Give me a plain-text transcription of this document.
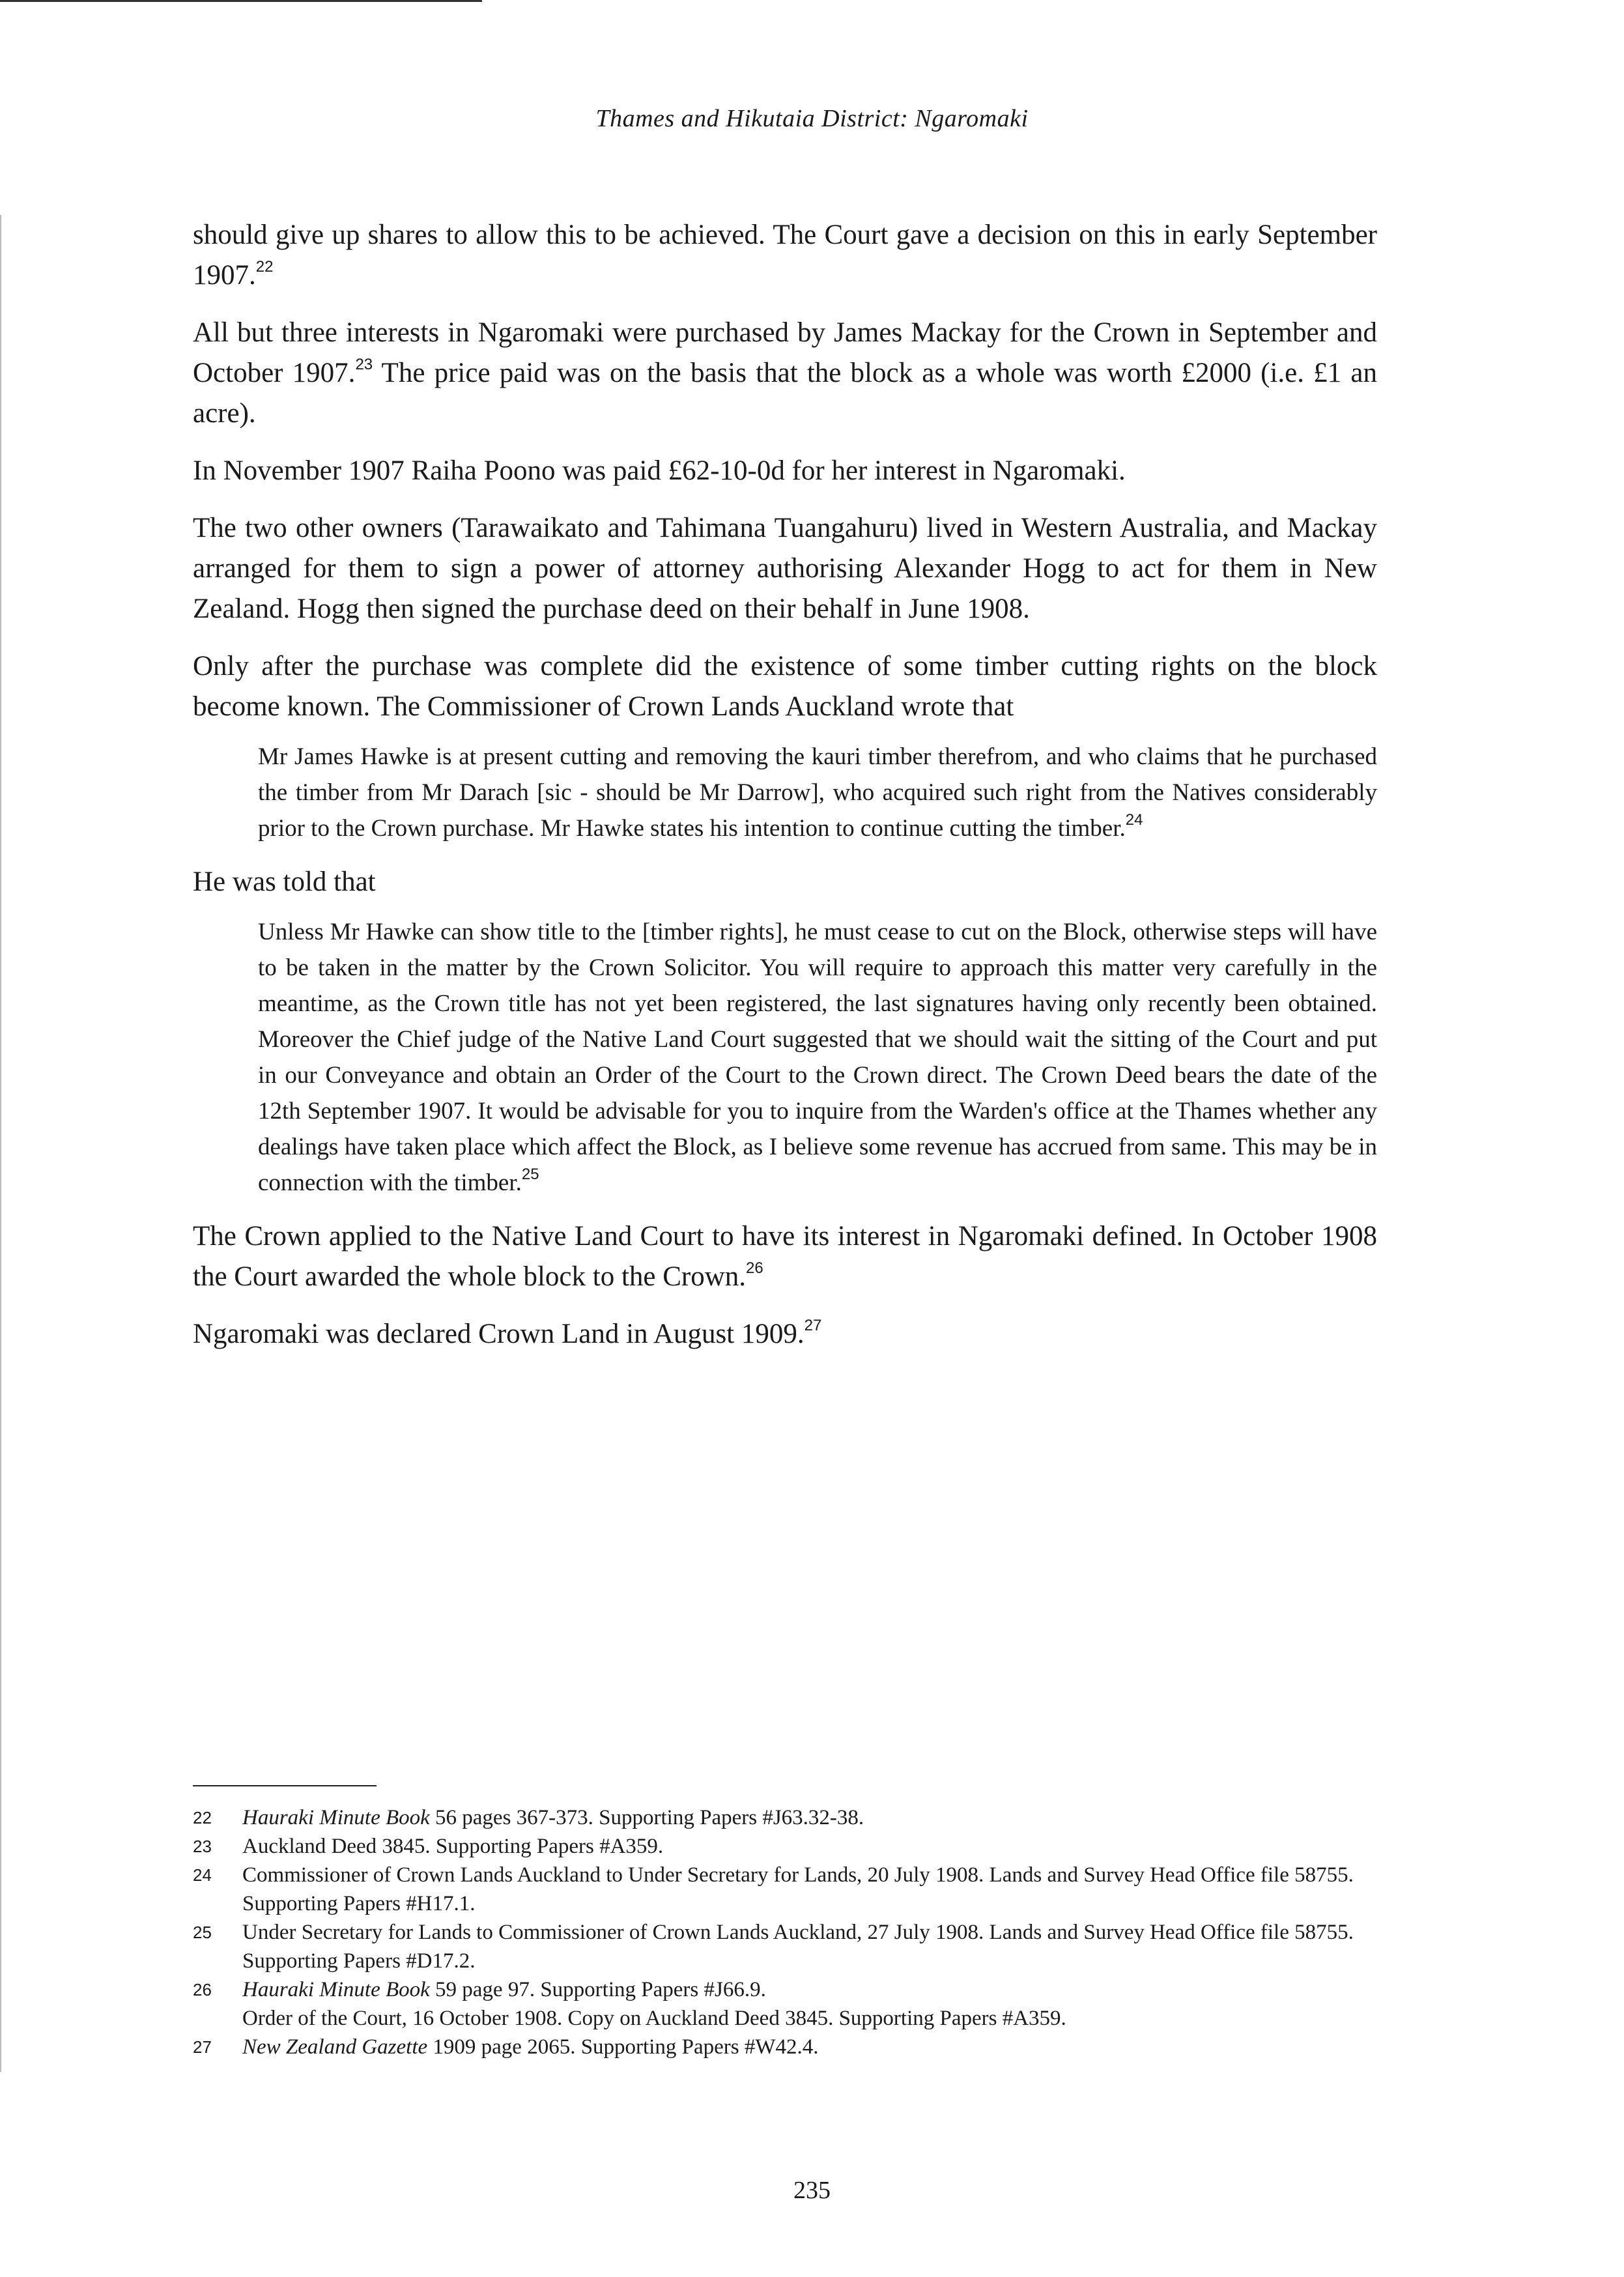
Thames and Hikutaia District: Ngaromaki

should give up shares to allow this to be achieved. The Court gave a decision on this in early September 1907.22

All but three interests in Ngaromaki were purchased by James Mackay for the Crown in September and October 1907.23 The price paid was on the basis that the block as a whole was worth £2000 (i.e. £1 an acre).

In November 1907 Raiha Poono was paid £62-10-0d for her interest in Ngaromaki.

The two other owners (Tarawaikato and Tahimana Tuangahuru) lived in Western Australia, and Mackay arranged for them to sign a power of attorney authorising Alexander Hogg to act for them in New Zealand. Hogg then signed the purchase deed on their behalf in June 1908.

Only after the purchase was complete did the existence of some timber cutting rights on the block become known. The Commissioner of Crown Lands Auckland wrote that

Mr James Hawke is at present cutting and removing the kauri timber therefrom, and who claims that he purchased the timber from Mr Darach [sic - should be Mr Darrow], who acquired such right from the Natives considerably prior to the Crown purchase. Mr Hawke states his intention to continue cutting the timber.$^{24}$

He was told that

Unless Mr Hawke can show title to the [timber rights], he must cease to cut on the Block, otherwise steps will have to be taken in the matter by the Crown Solicitor. You will require to approach this matter very carefully in the meantime, as the Crown title has not yet been registered, the last signatures having only recently been obtained. Moreover the Chief judge of the Native Land Court suggested that we should wait the sitting of the Court and put in our Conveyance and obtain an Order of the Court to the Crown direct. The Crown Deed bears the date of the 12th September 1907. It would be advisable for you to inquire from the Warden's office at the Thames whether any dealings have taken place which affect the Block, as I believe some revenue has accrued from same. This may be in connection with the timber.$^{25}$

The Crown applied to the Native Land Court to have its interest in Ngaromaki defined. In October 1908 the Court awarded the whole block to the Crown.$^{26}$

Ngaromaki was declared Crown Land in August 1909.27

22 Hauraki Minute Book 56 pages 367-373. Supporting Papers #J63.32-38.
23 Auckland Deed 3845. Supporting Papers #A359.
24 Commissioner of Crown Lands Auckland to Under Secretary for Lands, 20 July 1908. Lands and Survey Head Office file 58755. Supporting Papers #H17.1.
25 Under Secretary for Lands to Commissioner of Crown Lands Auckland, 27 July 1908. Lands and Survey Head Office file 58755. Supporting Papers #D17.2.
26 Hauraki Minute Book 59 page 97. Supporting Papers #J66.9.
Order of the Court, 16 October 1908. Copy on Auckland Deed 3845. Supporting Papers #A359.
27 New Zealand Gazette 1909 page 2065. Supporting Papers #W42.4.
235
